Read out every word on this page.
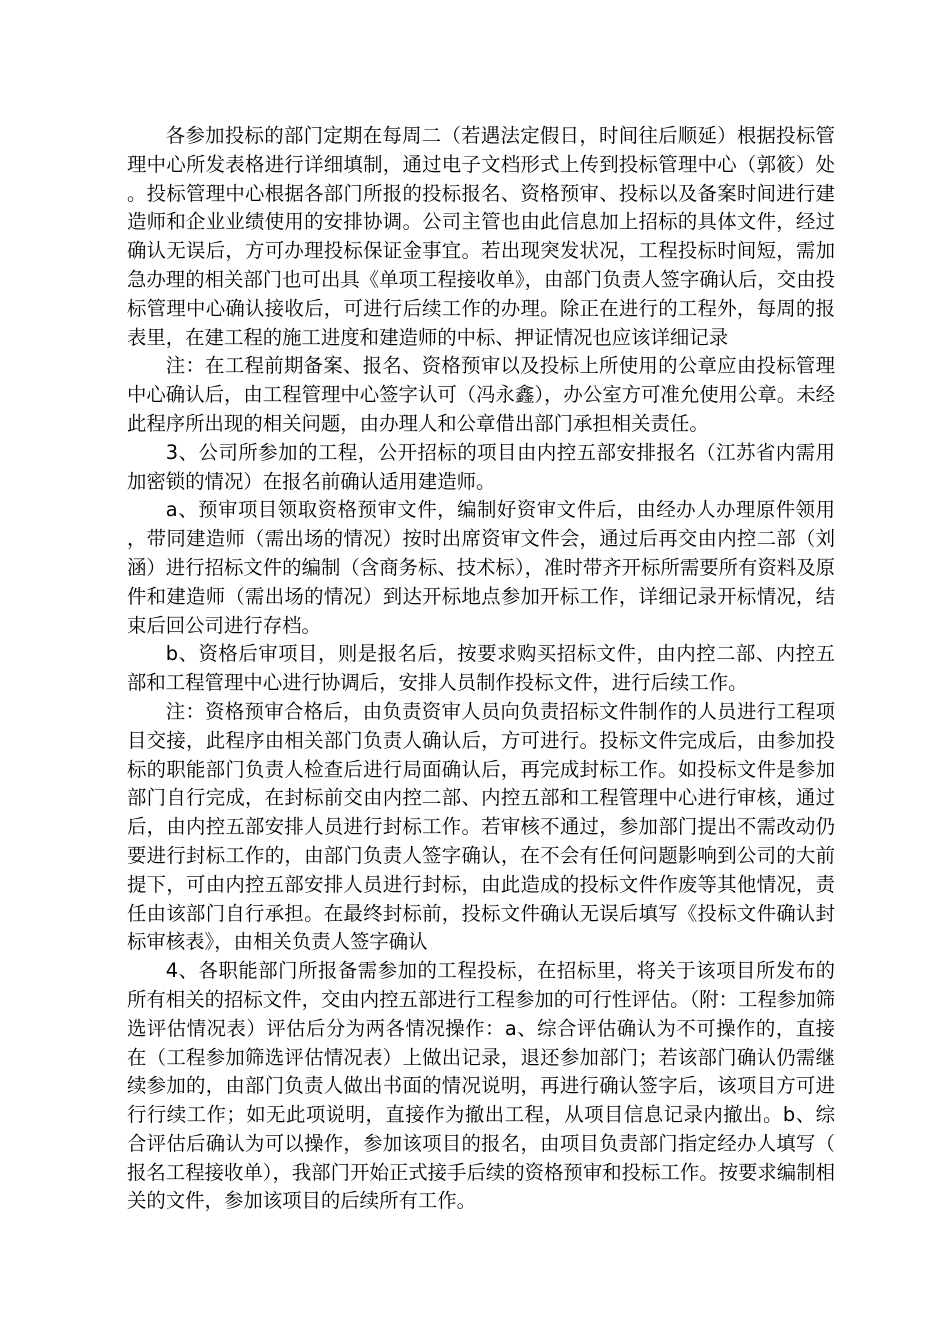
各参加投标的部门定期在每周二（若遇法定假日，时间往后顺延）根据投标管理中心所发表格进行详细填制，通过电子文档形式上传到投标管理中心（郭筱）处。投标管理中心根据各部门所报的投标报名、资格预审、投标以及备案时间进行建造师和企业业绩使用的安排协调。公司主管也由此信息加上招标的具体文件，经过确认无误后，方可办理投标保证金事宜。若出现突发状况，工程投标时间短，需加急办理的相关部门也可出具《单项工程接收单》，由部门负责人签字确认后，交由投标管理中心确认接收后，可进行后续工作的办理。除正在进行的工程外，每周的报表里，在建工程的施工进度和建造师的中标、押证情况也应该详细记录

注：在工程前期备案、报名、资格预审以及投标上所使用的公章应由投标管理中心确认后，由工程管理中心签字认可（冯永鑫），办公室方可准允使用公章。未经此程序所出现的相关问题，由办理人和公章借出部门承担相关责任。

3、公司所参加的工程，公开招标的项目由内控五部安排报名（江苏省内需用加密锁的情况）在报名前确认适用建造师。

a、预审项目领取资格预审文件，编制好资审文件后，由经办人办理原件领用，带同建造师（需出场的情况）按时出席资审文件会，通过后再交由内控二部（刘涵）进行招标文件的编制（含商务标、技术标），准时带齐开标所需要所有资料及原件和建造师（需出场的情况）到达开标地点参加开标工作，详细记录开标情况，结束后回公司进行存档。

b、资格后审项目，则是报名后，按要求购买招标文件，由内控二部、内控五部和工程管理中心进行协调后，安排人员制作投标文件，进行后续工作。

注：资格预审合格后，由负责资审人员向负责招标文件制作的人员进行工程项目交接，此程序由相关部门负责人确认后，方可进行。投标文件完成后，由参加投标的职能部门负责人检查后进行局面确认后，再完成封标工作。如投标文件是参加部门自行完成，在封标前交由内控二部、内控五部和工程管理中心进行审核，通过后，由内控五部安排人员进行封标工作。若审核不通过，参加部门提出不需改动仍要进行封标工作的，由部门负责人签字确认，在不会有任何问题影响到公司的大前提下，可由内控五部安排人员进行封标，由此造成的投标文件作废等其他情况，责任由该部门自行承担。在最终封标前，投标文件确认无误后填写《投标文件确认封标审核表》，由相关负责人签字确认

4、各职能部门所报备需参加的工程投标，在招标里，将关于该项目所发布的所有相关的招标文件，交由内控五部进行工程参加的可行性评估。（附：工程参加筛选评估情况表）评估后分为两各情况操作：a、综合评估确认为不可操作的，直接在（工程参加筛选评估情况表）上做出记录，退还参加部门；若该部门确认仍需继续参加的，由部门负责人做出书面的情况说明，再进行确认签字后，该项目方可进行行续工作；如无此项说明，直接作为撤出工程，从项目信息记录内撤出。b、综合评估后确认为可以操作，参加该项目的报名，由项目负责部门指定经办人填写（报名工程接收单），我部门开始正式接手后续的资格预审和投标工作。按要求编制相关的文件，参加该项目的后续所有工作。
